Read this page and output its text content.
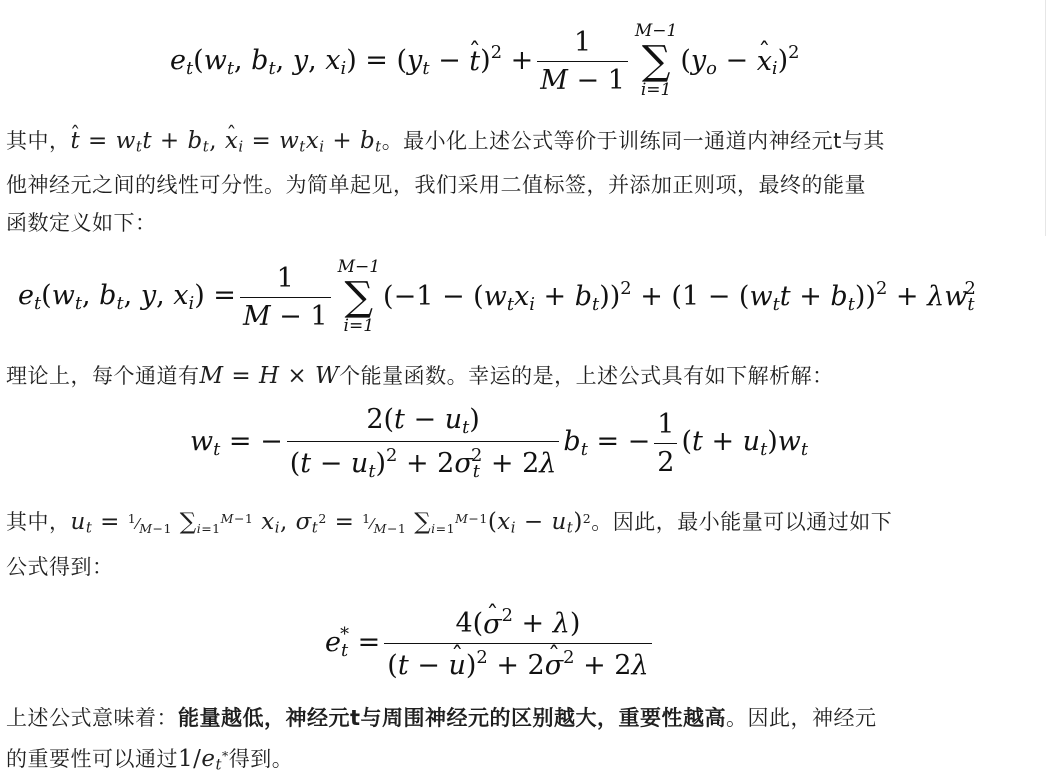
$e_t(w_t$, $b_t$, y, $x_i) = (y_t$ − ˆ $t)^2 + \frac{1}{M - 1} M-1$
∑
i=1
($y_o$ − ˆ $x_i)^2$
其中，ˆ t = wtt + bt, ˆ xi = wtxi + bt。最小化上述公式等价于训练同一通道内神经元t与其
他神经元之间的线性可分性。为简单起见，我们采用二值标签，并添加正则项，最终的能量
函数定义如下：
$e_t(w_t$, $b_t$, y, $x_i) = \frac{1}{M - 1} M-1$
∑
i=1
$(-1 - (w_tx_i + b_t))^2 + (1 - (w_tt + b_t))^2 + \lambda w_t^2$
理论上，每个通道有M = H × W个能量函数。幸运的是，上述公式具有如下解析解：
$w_t$ = − $\frac{2(t - u_t)}{(t - u_t)^2 + 2\sigma_t^2 + 2\lambda} b_t$ = − $\frac{1}{2} (t + u_t)w_t$
其中，ut = $^1⁄_{M-1}$ $\sum_{i=1}^{M-1}$ xi, $\sigma t^2$ = $^1⁄_{M-1}$ $\sum_{i=1}^{M-1}(xi - ut)^2$。因此，最小能量可以通过如下
公式得到：
$e_t^* = \frac{4(ˆ \sigma^2 + \lambda)}{(t - ˆ u)^2 + 2ˆ \sigma^2 + 2\lambda}$
上述公式意味着：能量越低，神经元t与周围神经元的区别越大，重要性越高。因此，神经元
的重要性可以通过1/et*得到。
